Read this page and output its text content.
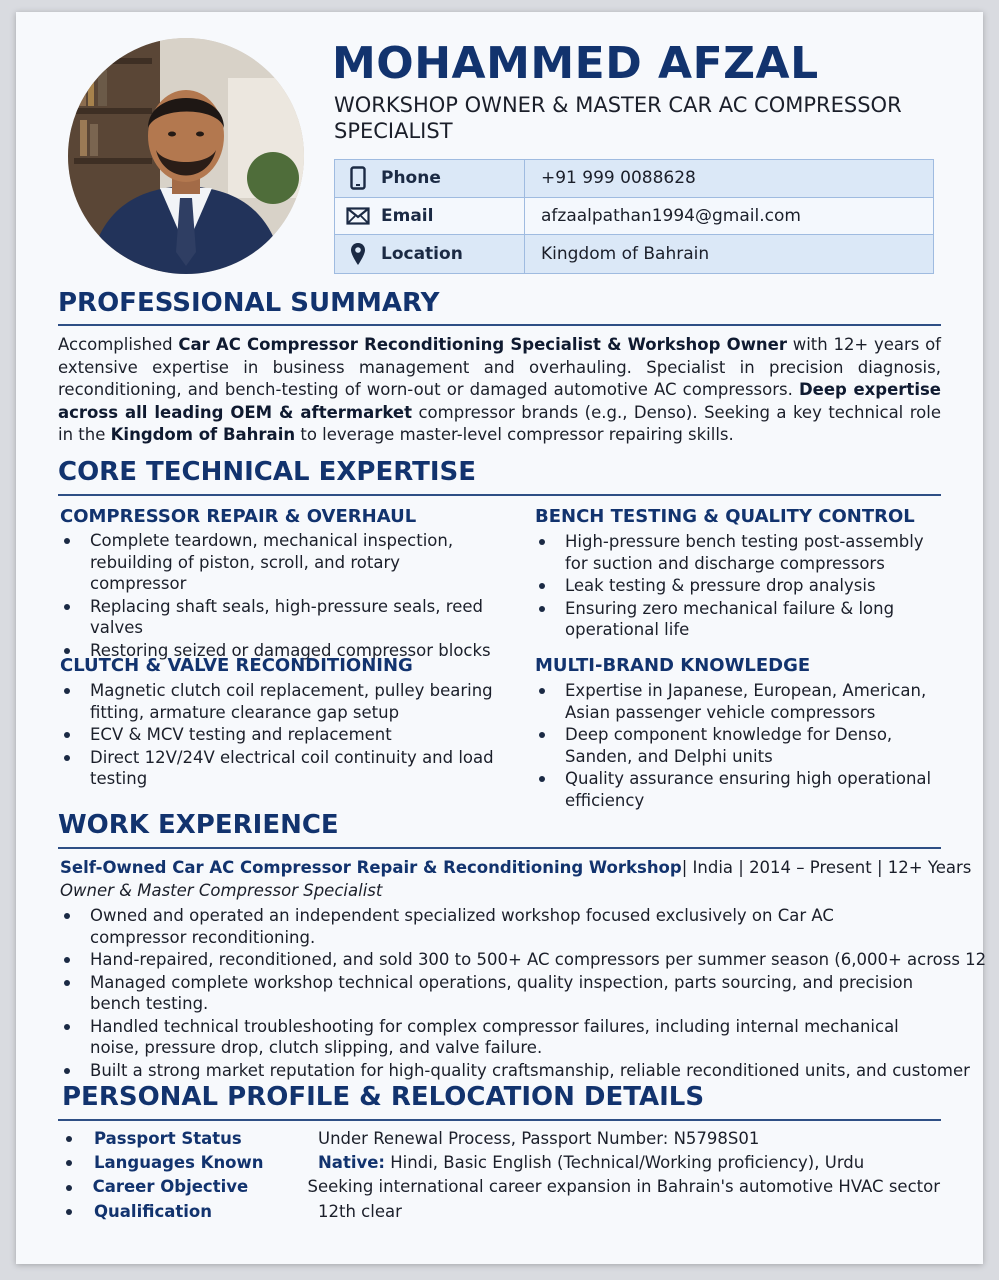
MOHAMMED AFZAL
WORKSHOP OWNER & MASTER CAR AC COMPRESSOR SPECIALIST
Phone	+91 999 0088628
Email	afzaalpathan1994@gmail.com
Location	Kingdom of Bahrain
PROFESSIONAL SUMMARY
Accomplished Car AC Compressor Reconditioning Specialist & Workshop Owner with 12+ years of extensive expertise in business management and overhauling. Specialist in precision diagnosis, reconditioning, and bench-testing of worn-out or damaged automotive AC compressors. Deep expertise across all leading OEM & aftermarket compressor brands (e.g., Denso). Seeking a key technical role in the Kingdom of Bahrain to leverage master-level compressor repairing skills.
CORE TECHNICAL EXPERTISE
COMPRESSOR REPAIR & OVERHAUL
Complete teardown, mechanical inspection, rebuilding of piston, scroll, and rotary compressor
Replacing shaft seals, high-pressure seals, reed valves
Restoring seized or damaged compressor blocks
BENCH TESTING & QUALITY CONTROL
High-pressure bench testing post-assembly for suction and discharge compressors
Leak testing & pressure drop analysis
Ensuring zero mechanical failure & long operational life
CLUTCH & VALVE RECONDITIONING
Magnetic clutch coil replacement, pulley bearing fitting, armature clearance gap setup
ECV & MCV testing and replacement
Direct 12V/24V electrical coil continuity and load testing
MULTI-BRAND KNOWLEDGE
Expertise in Japanese, European, American, Asian passenger vehicle compressors
Deep component knowledge for Denso, Sanden, and Delphi units
Quality assurance ensuring high operational efficiency
WORK EXPERIENCE
Self-Owned Car AC Compressor Repair & Reconditioning Workshop | India | 2014 – Present | 12+ Years
Owner & Master Compressor Specialist
Owned and operated an independent specialized workshop focused exclusively on Car AC compressor reconditioning.
Hand-repaired, reconditioned, and sold 300 to 500+ AC compressors per summer season (6,000+ across 12
Managed complete workshop technical operations, quality inspection, parts sourcing, and precision bench testing.
Handled technical troubleshooting for complex compressor failures, including internal mechanical noise, pressure drop, clutch slipping, and valve failure.
Built a strong market reputation for high-quality craftsmanship, reliable reconditioned units, and customer
PERSONAL PROFILE & RELOCATION DETAILS
Passport Status	Under Renewal Process, Passport Number: N5798S01
Languages Known	Native: Hindi, Basic English (Technical/Working proficiency), Urdu
Career Objective	Seeking international career expansion in Bahrain's automotive HVAC sector
Qualification	12th clear
